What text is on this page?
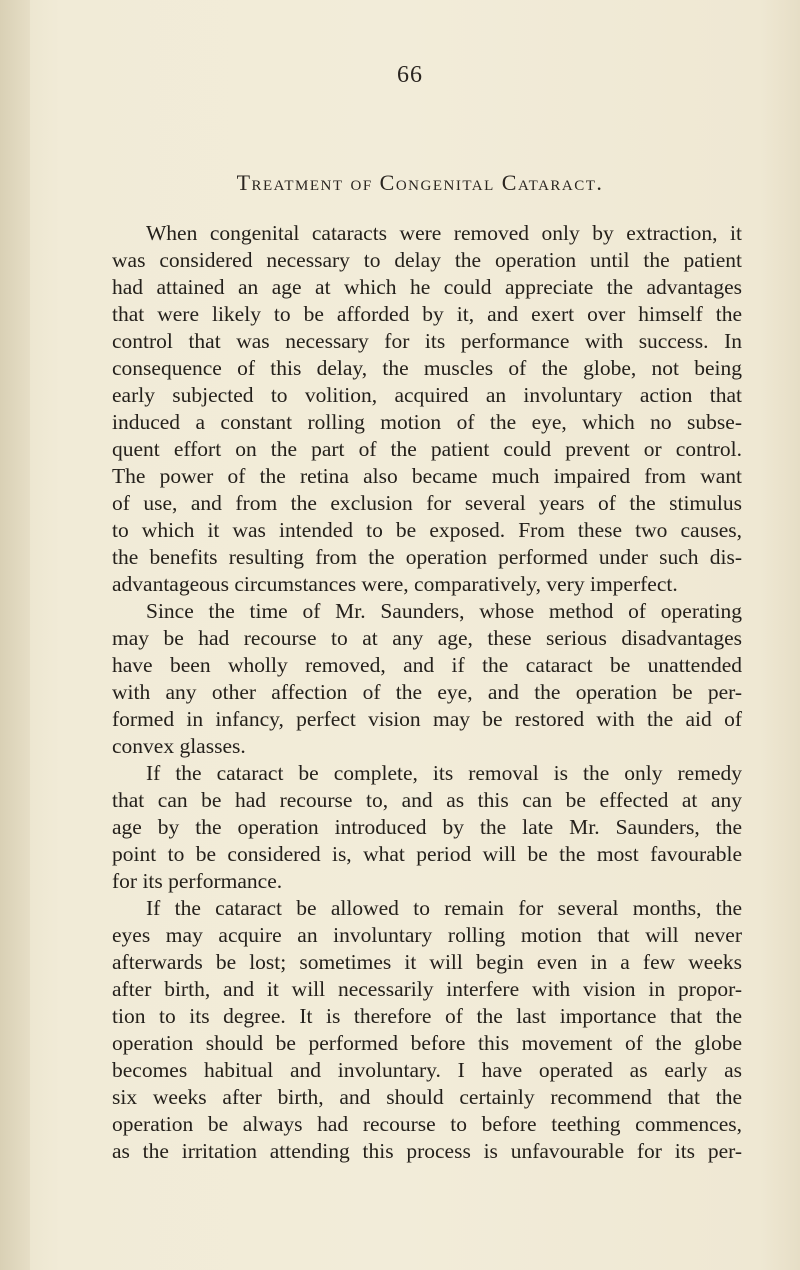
66
Treatment of Congenital Cataract.
When congenital cataracts were removed only by extraction, it
was considered necessary to delay the operation until the patient
had attained an age at which he could appreciate the advantages
that were likely to be afforded by it, and exert over himself the
control that was necessary for its performance with success. In
consequence of this delay, the muscles of the globe, not being
early subjected to volition, acquired an involuntary action that
induced a constant rolling motion of the eye, which no subse-
quent effort on the part of the patient could prevent or control.
The power of the retina also became much impaired from want
of use, and from the exclusion for several years of the stimulus
to which it was intended to be exposed. From these two causes,
the benefits resulting from the operation performed under such dis-
advantageous circumstances were, comparatively, very imperfect.
Since the time of Mr. Saunders, whose method of operating
may be had recourse to at any age, these serious disadvantages
have been wholly removed, and if the cataract be unattended
with any other affection of the eye, and the operation be per-
formed in infancy, perfect vision may be restored with the aid of
convex glasses.
If the cataract be complete, its removal is the only remedy
that can be had recourse to, and as this can be effected at any
age by the operation introduced by the late Mr. Saunders, the
point to be considered is, what period will be the most favourable
for its performance.
If the cataract be allowed to remain for several months, the
eyes may acquire an involuntary rolling motion that will never
afterwards be lost; sometimes it will begin even in a few weeks
after birth, and it will necessarily interfere with vision in propor-
tion to its degree. It is therefore of the last importance that the
operation should be performed before this movement of the globe
becomes habitual and involuntary. I have operated as early as
six weeks after birth, and should certainly recommend that the
operation be always had recourse to before teething commences,
as the irritation attending this process is unfavourable for its per-
